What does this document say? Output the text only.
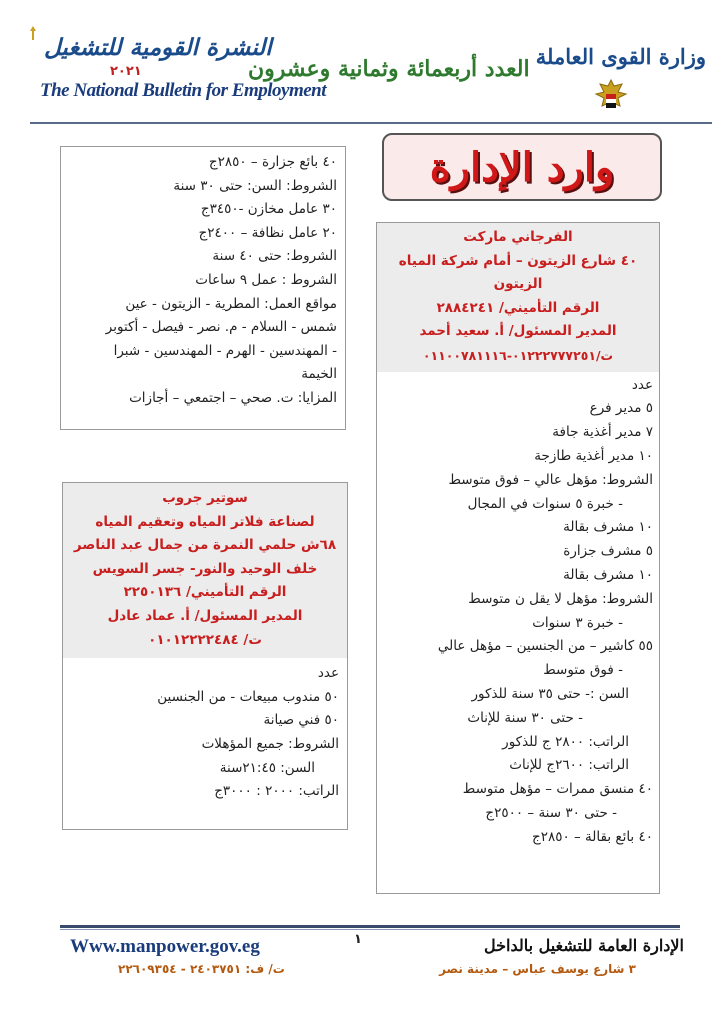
النشرة القومية للتشغيل
٢٠٢١
The National Bulletin for Employment
العدد أربعمائة وثمانية وعشرون وزارة القوى العاملة
وارد الإدارة
٤٠ بائع جزارة – ٢٨٥٠ج
الشروط: السن: حتى ٣٠ سنة
٣٠ عامل مخازن -٣٤٥٠ج
٢٠ عامل نظافة – ٢٤٠٠ج
الشروط: حتى ٤٠ سنة
الشروط : عمل ٩ ساعات
مواقع العمل: المطرية - الزيتون - عين
شمس - السلام - م. نصر - فيصل - أكتوبر
- المهندسين - الهرم - المهندسين - شبرا
الخيمة
المزايا: ت. صحي – اجتمعي – أجازات
سوتير جروب
لصناعة فلاتر المياه وتعقيم المياه
٦٨ش حلمي النمرة من جمال عبد الناصر
خلف الوحيد والنور- جسر السويس
الرقم التأميني/ ٢٢٥٠١٣٦
المدير المسئول/ أ. عماد عادل
ت/ ٠١٠١٢٢٢٢٤٨٤
عدد
٥٠ مندوب مبيعات - من الجنسين
٥٠ فني صيانة
الشروط: جميع المؤهلات
السن: ٢١:٤٥سنة
الراتب: ٢٠٠٠ : ٣٠٠٠ج
الفرجاني ماركت
٤٠ شارع الزيتون – أمام شركة المياه
الزيتون
الرقم التأميني/ ٢٨٨٤٢٤١
المدير المسئول/ أ. سعيد أحمد
ت/٠١٢٢٢٧٧٧٢٥١-٠١١٠٠٧٨١١١٦
عدد
٥ مدير فرع
٧ مدير أغذية جافة
١٠ مدير أغذية طازجة
الشروط: مؤهل عالي – فوق متوسط
- خبرة ٥ سنوات في المجال
١٠ مشرف بقالة
٥ مشرف جزارة
١٠ مشرف بقالة
الشروط: مؤهل لا يقل ن متوسط
- خبرة ٣ سنوات
٥٥ كاشير – من الجنسين – مؤهل عالي
- فوق متوسط
السن :- حتى ٣٥ سنة للذكور
- حتى ٣٠ سنة للإناث
الراتب: ٢٨٠٠ ج للذكور
الراتب: ٢٦٠٠ج للإناث
٤٠ منسق ممرات – مؤهل متوسط
- حتى ٣٠ سنة – ٢٥٠٠ج
٤٠ بائع بقالة – ٢٨٥٠ج
Www.manpower.gov.eg	١	الإدارة العامة للتشغيل بالداخل
٣ شارع يوسف عباس – مدينة نصر
ت/ ف: ٢٤٠٣٧٥١ - ٢٢٦٠٩٣٥٤
